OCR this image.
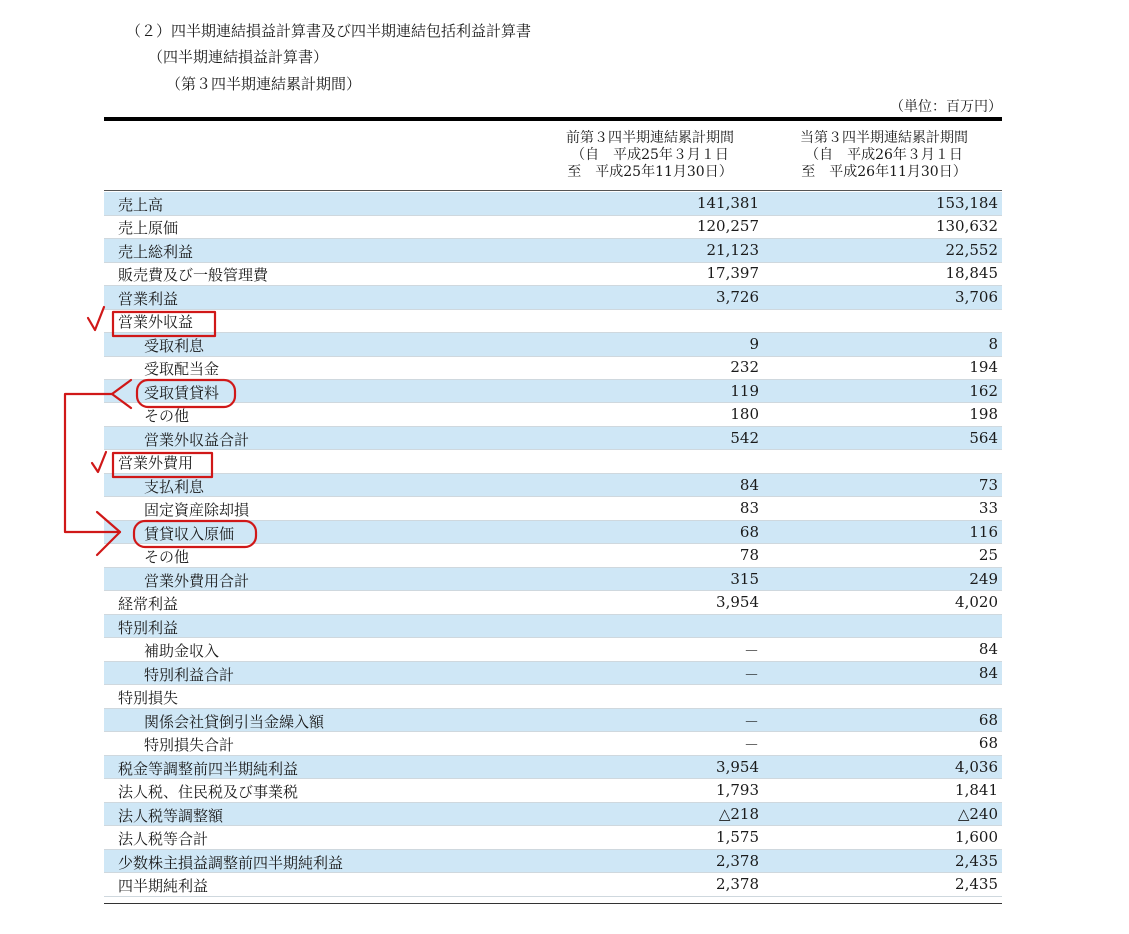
（２）四半期連結損益計算書及び四半期連結包括利益計算書
（四半期連結損益計算書）
（第３四半期連結累計期間）
（単位：百万円）
前第３四半期連結累計期間
（自　平成25年３月１日
至　平成25年11月30日）
当第３四半期連結累計期間
（自　平成26年３月１日
至　平成26年11月30日）
売上高	141,381	153,184
売上原価	120,257	130,632
売上総利益	21,123	22,552
販売費及び一般管理費	17,397	18,845
営業利益	3,726	3,706
営業外収益
受取利息	9	8
受取配当金	232	194
受取賃貸料	119	162
その他	180	198
営業外収益合計	542	564
営業外費用
支払利息	84	73
固定資産除却損	83	33
賃貸収入原価	68	116
その他	78	25
営業外費用合計	315	249
経常利益	3,954	4,020
特別利益
補助金収入	－	84
特別利益合計	－	84
特別損失
関係会社貸倒引当金繰入額	－	68
特別損失合計	－	68
税金等調整前四半期純利益	3,954	4,036
法人税、住民税及び事業税	1,793	1,841
法人税等調整額	△218	△240
法人税等合計	1,575	1,600
少数株主損益調整前四半期純利益	2,378	2,435
四半期純利益	2,378	2,435
